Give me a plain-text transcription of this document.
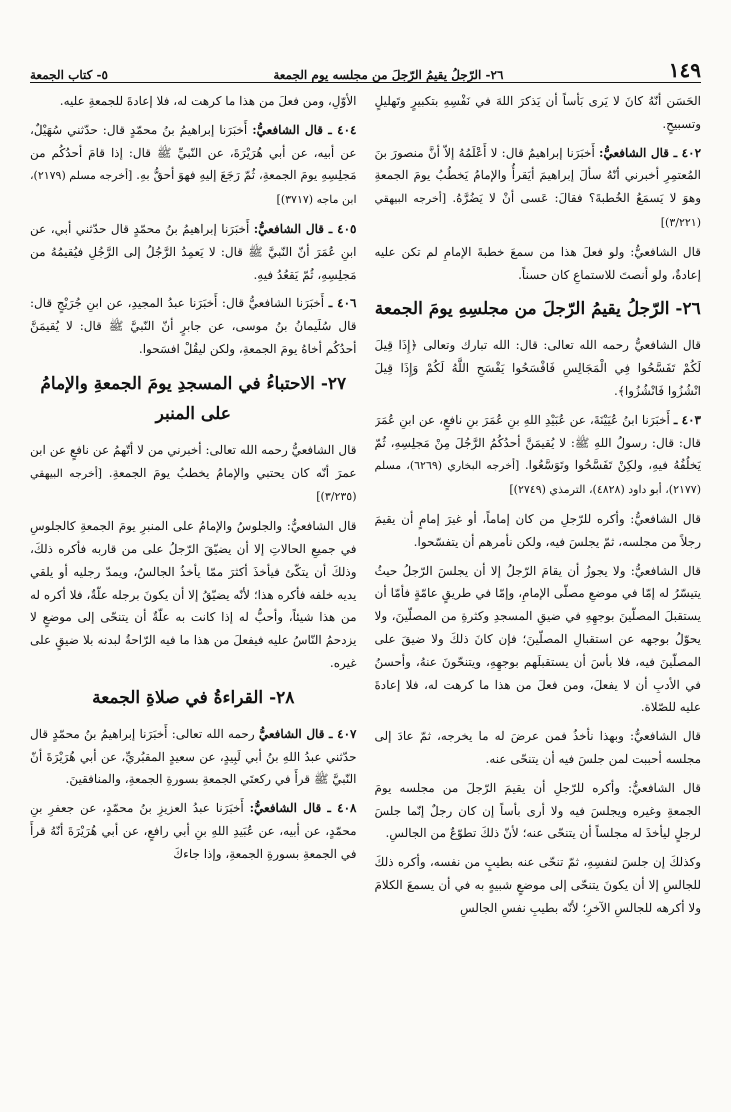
١٤٩
٢٦- الرّجلُ يقيمُ الرّجلَ من مجلسه يوم الجمعة
٥- كتاب الجمعة

الحَسَن أنّهُ كانَ لا يَرى بَأساً أن يَذكرَ اللهَ في نَفْسِهِ بتكبيرٍ وتَهليلٍ وتسبيحٍ.

٤٠٢ ـ قال الشافعيُّ: أَخبَرَنا إبراهيمُ قال: لا أَعْلَمُهُ إلاّ أنَّ منصورَ بنَ المُعتمِرِ أخبرني أنّهُ سألَ إبراهيمَ أيَقرأُ والإمامُ يَخطُبُ يومَ الجمعةِ وهوَ لا يَسمَعُ الخُطبةَ؟ فقالَ: عَسى أنْ لا يَضُرَّهُ. [أخرجه البيهقي (٣/٢٢١)]

قال الشافعيُّ: ولو فعلَ هذا من سمعَ خطبةَ الإمامِ لم تكن عليه إعادةٌ، ولو أنصتَ للاستماعِ كان حسناً.

٢٦- الرّجلُ يقيمُ الرّجلَ من مجلسِهِ يومَ الجمعة

قال الشافعيُّ رحمه الله تعالى: قال: الله تبارك وتعالى ﴿إِذَا قِيلَ لَكُمْ تَفَسَّحُوا فِي الْمَجَالِسِ فَافْسَحُوا يَفْسَحِ اللَّهُ لَكُمْ وَإِذَا قِيلَ انْشُزُوا فَانْشُزُوا﴾.

٤٠٣ ـ أَخبَرَنا ابنُ عُيَيْنَةَ، عن عُبَيْدِ اللهِ بنِ عُمَرَ بنِ نافعٍ، عن ابنِ عُمَرَ قال: قال: رسولُ اللهِ ﷺ: لا يُقيمَنَّ أحدُكُمُ الرَّجُلَ مِنْ مَجلِسِهِ، ثُمّ يَخلُفُهُ فيهِ، ولكِنْ تَفَسَّحُوا وتَوَسَّعُوا. [أخرجه البخاري (٦٢٦٩)، مسلم (٢١٧٧)، أبو داود (٤٨٢٨)، الترمذي (٢٧٤٩)]

قال الشافعيُّ: وأكره للرّجلِ من كان إماماً، أو غيرَ إمامٍ أن يقيمَ رجلاً من مجلسه، ثمّ يجلسَ فيه، ولكن نأمرهم أن يتفسّحوا.

قال الشافعيُّ: ولا يجوزُ أن يقامَ الرّجلُ إلا أن يجلسَ الرّجلُ حيثُ يتيسّرُ له إمّا في موضعِ مصلّى الإمامِ، وإمّا في طريقٍ عامّةٍ فأمّا أن يستقبلَ المصلّينَ بوجهِهِ في ضيقِ المسجدِ وكثرةِ من المصلّينَ، ولا يحوّلُ بوجهه عن استقبالِ المصلّينَ؛ فإن كانَ ذلكَ ولا ضيقَ على المصلّينَ فيه، فلا بأسَ أن يستقبلَهم بوجهِهِ، ويتنحّونَ عنهُ، وأحسنُ في الأدبِ أن لا يفعلَ، ومن فعلَ من هذا ما كرهت له، فلا إعادةَ عليه للصّلاة.

قال الشافعيُّ: وبهذا نأخذُ فمن عرضَ له ما يخرجه، ثمّ عادَ إلى مجلسه أحببت لمن جلسَ فيه أن يتنحّى عنه.

قال الشافعيُّ: وأكره للرّجلِ أن يقيمَ الرّجلَ من مجلسه يومَ الجمعةِ وغيره ويجلسَ فيه ولا أرى بأساً إن كان رجلٌ إنّما جلسَ لرجلٍ ليأخذَ له مجلساً أن يتنحّى عنه؛ لأنّ ذلكَ تطوّعٌ من الجالسِ.

وكذلكَ إن جلسَ لنفسِهِ، ثمّ تنحّى عنه بطيبٍ من نفسه، وأكره ذلكَ للجالسِ إلا أن يكونَ يتنحّى إلى موضعٍ شبيهٍ به في أن يسمعَ الكلامَ ولا أكرهه للجالسِ الآخرِ؛ لأنّه بطيبِ نفسِ الجالسِ

الأوّلِ، ومن فعلَ من هذا ما كرهت له، فلا إعادةَ للجمعةِ عليه.

٤٠٤ ـ قال الشافعيُّ: أَخبَرَنا إبراهيمُ بنُ محمّدٍ قال: حدّثني سُهَيْلٌ، عن أبيه، عن أبي هُرَيْرَةَ، عن النّبيِّ ﷺ قال: إذا قامَ أحدُكُم من مَجلِسِهِ يومَ الجمعةِ، ثُمّ رَجَعَ إليهِ فهوَ أحقُّ بهِ. [أخرجه مسلم (٢١٧٩)، ابن ماجه (٣٧١٧)]

٤٠٥ ـ قال الشافعيُّ: أَخبَرَنا إبراهيمُ بنُ محمّدٍ قال حدّثني أبي، عن ابنِ عُمَرَ أنّ النّبيَّ ﷺ قال: لا يَعمِدُ الرَّجُلُ إلى الرَّجُلِ فيُقيمُهُ من مَجلِسِهِ، ثُمّ يَقعُدُ فيهِ.

٤٠٦ ـ أَخبَرَنا الشافعيُّ قال: أَخبَرَنا عبدُ المجيدِ، عن ابنِ جُرَيْجٍ قال: قال سُلَيمانُ بنُ موسى، عن جابرٍ أنّ النّبيَّ ﷺ قال: لا يُقيمَنَّ أحدُكُم أخاهُ يومَ الجمعةِ، ولكن ليقُلْ افسَحوا.

٢٧- الاحتباءُ في المسجدِ يومَ الجمعةِ والإمامُ على المنبر

قال الشافعيُّ رحمه الله تعالى: أخبرني من لا أتّهمُ عن نافعٍ عن ابن عمرَ أنّه كان يحتبي والإمامُ يخطبُ يومَ الجمعةِ. [أخرجه البيهقي (٣/٢٣٥)]

قال الشافعيُّ: والجلوسُ والإمامُ على المنبرِ يومَ الجمعةِ كالجلوسِ في جميعِ الحالاتِ إلا أن يضيّقَ الرّجلُ على من قاربه فأكره ذلكَ، وذلكَ أن يتكّئ فيأخذَ أكثرَ ممّا يأخذُ الجالسُ، ويمدّ رجليه أو يلقي يديه خلفه فأكره هذا؛ لأنّه يضيّقُ إلا أن يكونَ برجله علّةٌ، فلا أكره له من هذا شيئاً، وأحبُّ له إذا كانت به علّةٌ أن يتنحّى إلى موضعٍ لا يزدحمُ النّاسُ عليه فيفعلَ من هذا ما فيه الرّاحةُ لبدنه بلا ضيقٍ على غيره.

٢٨- القراءةُ في صلاةِ الجمعة

٤٠٧ ـ قال الشافعيُّ رحمه الله تعالى: أَخبَرَنا إبراهيمُ بنُ محمّدٍ قال حدّثني عبدُ اللهِ بنُ أبي لَبِيدٍ، عن سعيدٍ المقبُريِّ، عن أبي هُرَيْرَةَ أنّ النّبيَّ ﷺ قرأَ في ركعتَي الجمعةِ بسورةِ الجمعةِ، والمنافقينَ.

٤٠٨ ـ قال الشافعيُّ: أَخبَرَنا عبدُ العزيزِ بنُ محمّدٍ، عن جعفرِ بنِ محمّدٍ، عن أبيه، عن عُبَيدِ اللهِ بنِ أبي رافعٍ، عن أبي هُرَيْرَةَ أنّهُ قرأَ في الجمعةِ بسورةِ الجمعةِ، وإذا جاءكَ
